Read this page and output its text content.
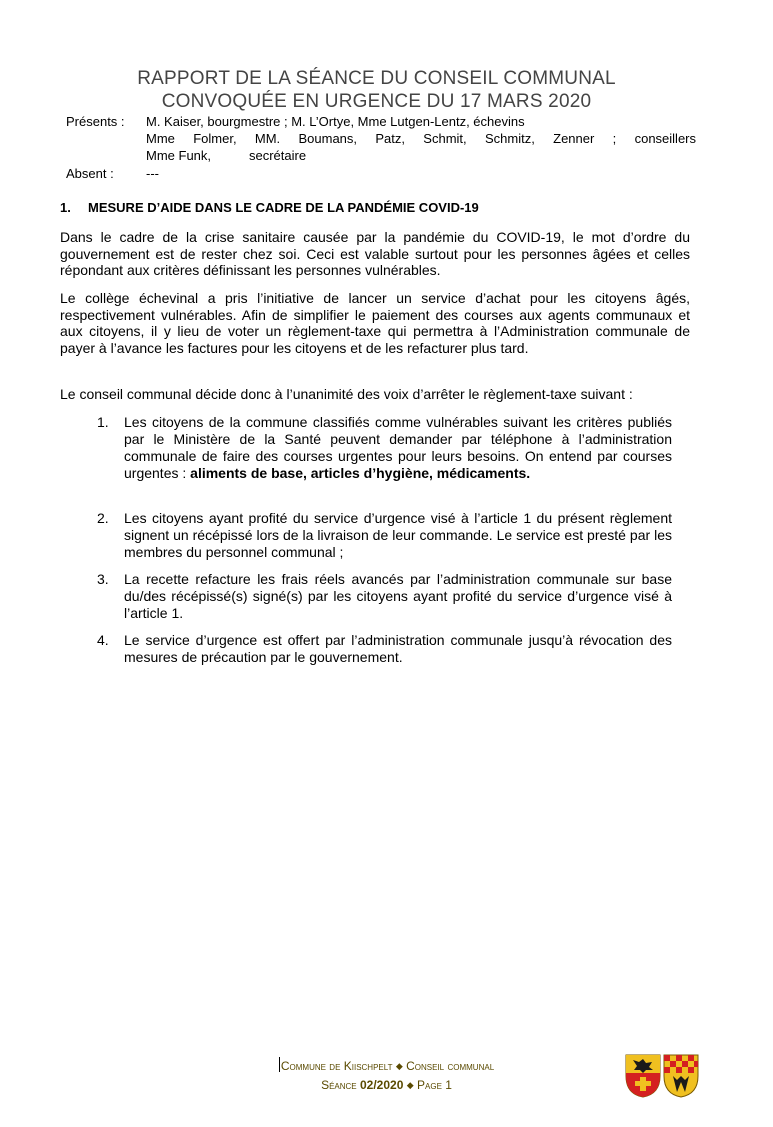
RAPPORT DE LA SÉANCE DU CONSEIL COMMUNAL
CONVOQUÉE EN URGENCE DU 17 MARS 2020
Présents : M. Kaiser, bourgmestre ; M. L’Ortye, Mme Lutgen-Lentz, échevins
Mme Folmer, MM. Boumans, Patz, Schmit, Schmitz, Zenner ; conseillers
Mme Funk,	secrétaire
Absent : ---
1. MESURE D’AIDE DANS LE CADRE DE LA PANDÉMIE COVID-19

Dans le cadre de la crise sanitaire causée par la pandémie du COVID-19, le mot d’ordre du gouvernement est de rester chez soi. Ceci est valable surtout pour les personnes âgées et celles répondant aux critères définissant les personnes vulnérables.

Le collège échevinal a pris l’initiative de lancer un service d’achat pour les citoyens âgés, respectivement vulnérables. Afin de simplifier le paiement des courses aux agents communaux et aux citoyens, il y lieu de voter un règlement-taxe qui permettra à l’Administration communale de payer à l’avance les factures pour les citoyens et de les refacturer plus tard.

Le conseil communal décide donc à l’unanimité des voix d’arrêter le règlement-taxe suivant :

1.	Les citoyens de la commune classifiés comme vulnérables suivant les critères publiés par le Ministère de la Santé peuvent demander par téléphone à l’administration communale de faire des courses urgentes pour leurs besoins. On entend par courses urgentes : aliments de base, articles d’hygiène, médicaments.
2.	Les citoyens ayant profité du service d’urgence visé à l’article 1 du présent règlement signent un récépissé lors de la livraison de leur commande. Le service est presté par les membres du personnel communal ;
3.	La recette refacture les frais réels avancés par l’administration communale sur base du/des récépissé(s) signé(s) par les citoyens ayant profité du service d’urgence visé à l’article 1.
4.	Le service d’urgence est offert par l’administration communale jusqu’à révocation des mesures de précaution par le gouvernement.
Commune de Kiischpelt ◆ Conseil communal
Séance 02/2020 ◆ Page 1
